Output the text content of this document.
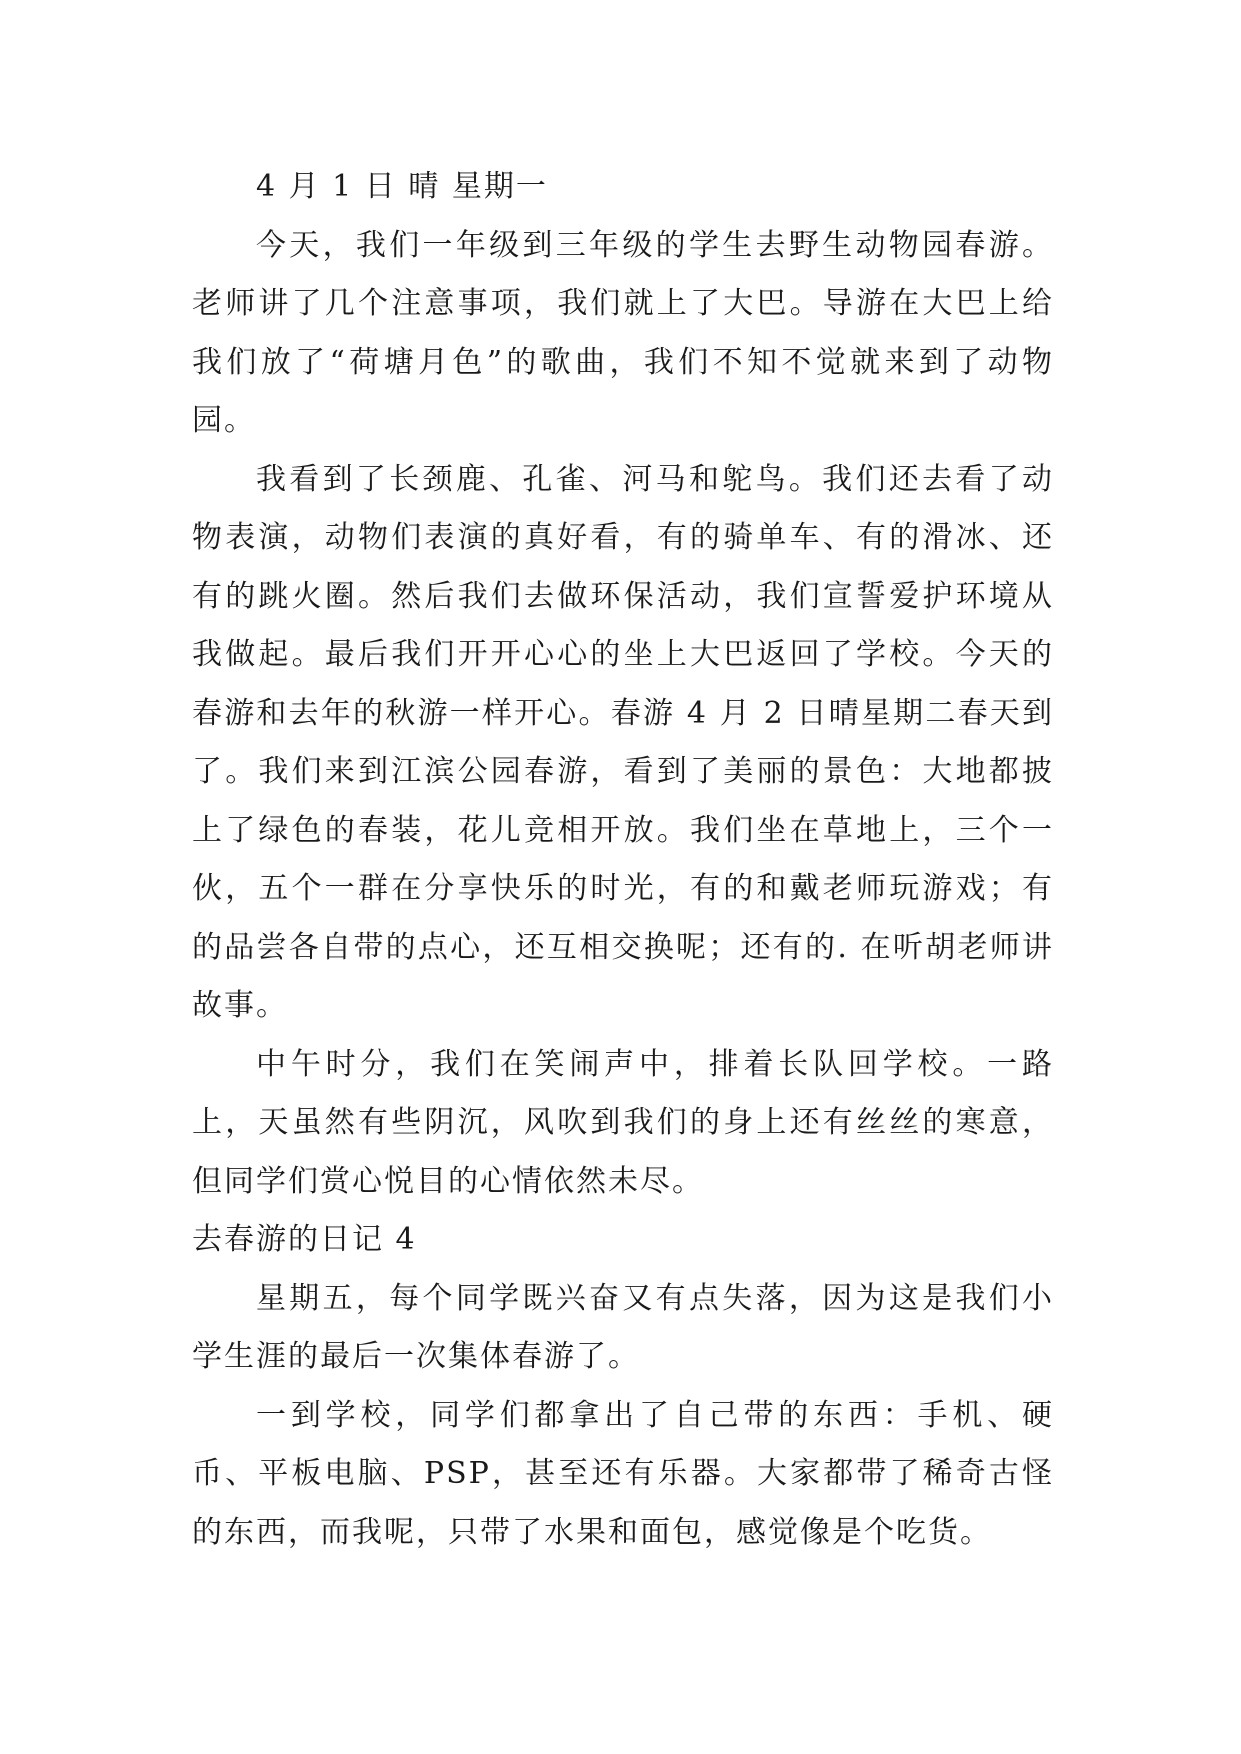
4 月 1 日 晴 星期一

今天，我们一年级到三年级的学生去野生动物园春游。老师讲了几个注意事项，我们就上了大巴。导游在大巴上给我们放了“荷塘月色”的歌曲，我们不知不觉就来到了动物园。

我看到了长颈鹿、孔雀、河马和鸵鸟。我们还去看了动物表演，动物们表演的真好看，有的骑单车、有的滑冰、还有的跳火圈。然后我们去做环保活动，我们宣誓爱护环境从我做起。最后我们开开心心的坐上大巴返回了学校。今天的春游和去年的秋游一样开心。春游 4 月 2 日晴星期二春天到了。我们来到江滨公园春游，看到了美丽的景色：大地都披上了绿色的春装，花儿竞相开放。我们坐在草地上，三个一伙，五个一群在分享快乐的时光，有的和戴老师玩游戏；有的品尝各自带的点心，还互相交换呢；还有的. 在听胡老师讲故事。

中午时分，我们在笑闹声中，排着长队回学校。一路上，天虽然有些阴沉，风吹到我们的身上还有丝丝的寒意，但同学们赏心悦目的心情依然未尽。

去春游的日记 4

星期五，每个同学既兴奋又有点失落，因为这是我们小学生涯的最后一次集体春游了。

一到学校，同学们都拿出了自己带的东西：手机、硬币、平板电脑、PSP，甚至还有乐器。大家都带了稀奇古怪的东西，而我呢，只带了水果和面包，感觉像是个吃货。
